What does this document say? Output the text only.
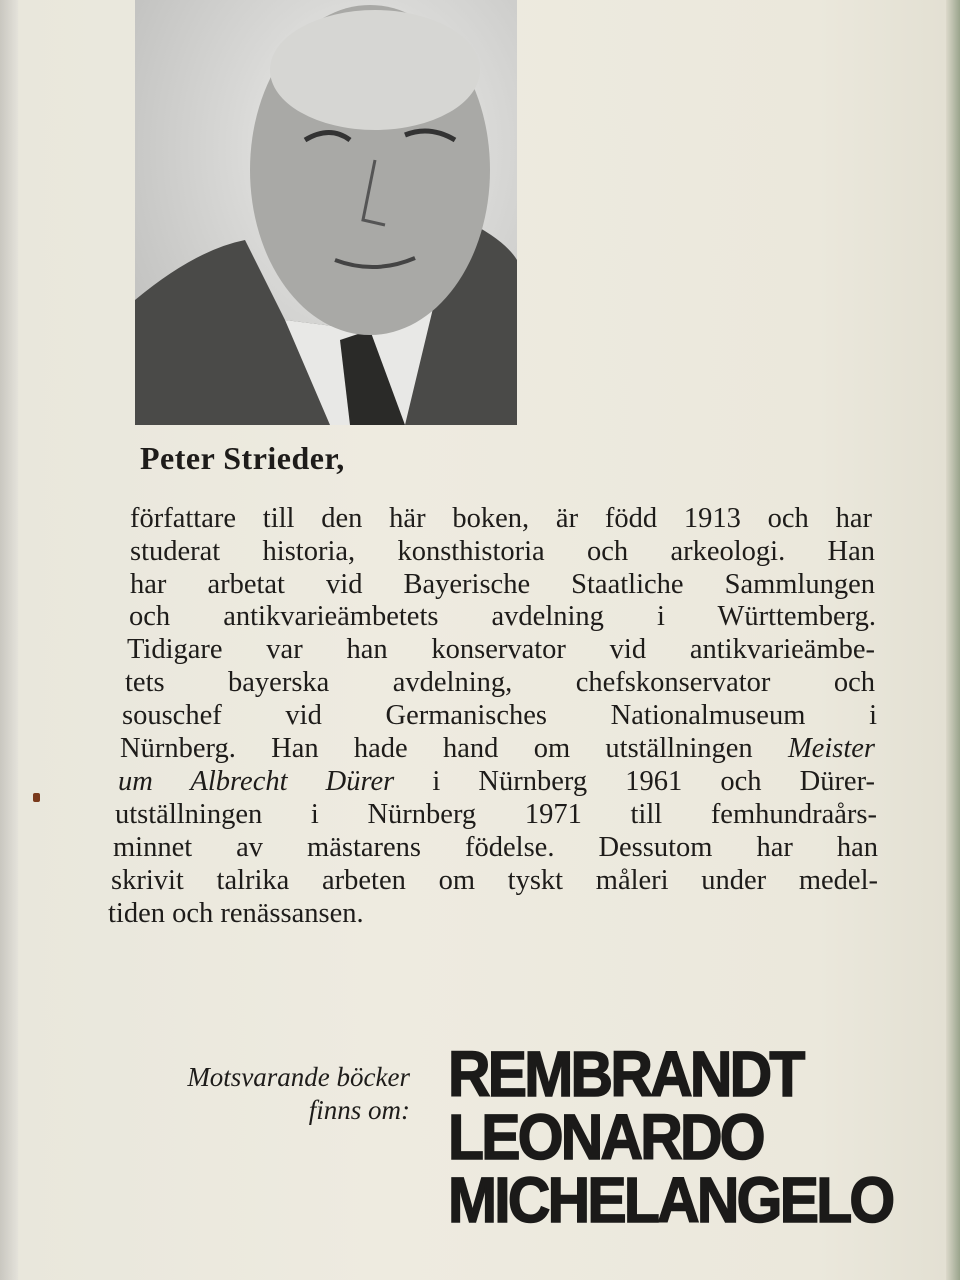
Peter Strieder,
författare till den här boken, är född 1913 och har
studerat historia, konsthistoria och arkeologi. Han
har arbetat vid Bayerische Staatliche Sammlungen
och antikvarieämbetets avdelning i Württemberg.
Tidigare var han konservator vid antikvarieämbe-
tets bayerska avdelning, chefskonservator och
souschef vid Germanisches Nationalmuseum i
Nürnberg. Han hade hand om utställningen Meister
um Albrecht Dürer i Nürnberg 1961 och Dürer-
utställningen i Nürnberg 1971 till femhundraårs-
minnet av mästarens födelse. Dessutom har han
skrivit talrika arbeten om tyskt måleri under medel-
tiden och renässansen.
Motsvarande böcker
finns om: REMBRANDT
LEONARDO
MICHELANGELO
